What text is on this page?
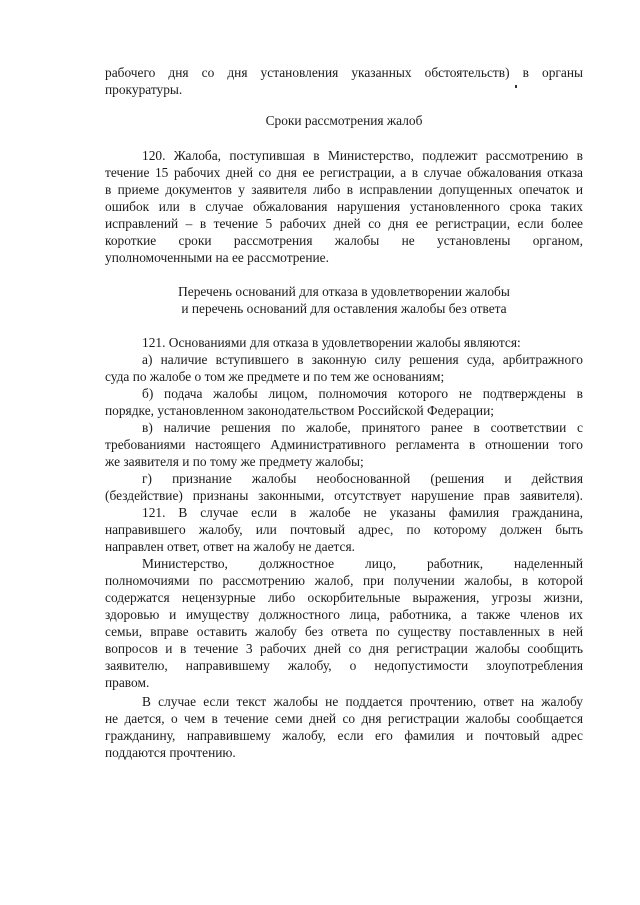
рабочего дня со дня установления указанных обстоятельств) в органы

прокуратуры.

Сроки рассмотрения жалоб

120. Жалоба, поступившая в Министерство, подлежит рассмотрению в

течение 15 рабочих дней со дня ее регистрации, а в случае обжалования отказа

в приеме документов у заявителя либо в исправлении допущенных опечаток и

ошибок или в случае обжалования нарушения установленного срока таких

исправлений – в течение 5 рабочих дней со дня ее регистрации, если более

короткие сроки рассмотрения жалобы не установлены органом,

уполномоченными на ее рассмотрение.

Перечень оснований для отказа в удовлетворении жалобы

и перечень оснований для оставления жалобы без ответа

121. Основаниями для отказа в удовлетворении жалобы являются:

а) наличие вступившего в законную силу решения суда, арбитражного

суда по жалобе о том же предмете и по тем же основаниям;

б) подача жалобы лицом, полномочия которого не подтверждены в

порядке, установленном законодательством Российской Федерации;

в) наличие решения по жалобе, принятого ранее в соответствии с

требованиями настоящего Административного регламента в отношении того

же заявителя и по тому же предмету жалобы;

г) признание жалобы необоснованной (решения и действия

(бездействие) признаны законными, отсутствует нарушение прав заявителя).

121. В случае если в жалобе не указаны фамилия гражданина,

направившего жалобу, или почтовый адрес, по которому должен быть

направлен ответ, ответ на жалобу не дается.

Министерство, должностное лицо, работник, наделенный

полномочиями по рассмотрению жалоб, при получении жалобы, в которой

содержатся нецензурные либо оскорбительные выражения, угрозы жизни,

здоровью и имуществу должностного лица, работника, а также членов их

семьи, вправе оставить жалобу без ответа по существу поставленных в ней

вопросов и в течение 3 рабочих дней со дня регистрации жалобы сообщить

заявителю, направившему жалобу, о недопустимости злоупотребления

правом.

В случае если текст жалобы не поддается прочтению, ответ на жалобу

не дается, о чем в течение семи дней со дня регистрации жалобы сообщается

гражданину, направившему жалобу, если его фамилия и почтовый адрес

поддаются прочтению.
